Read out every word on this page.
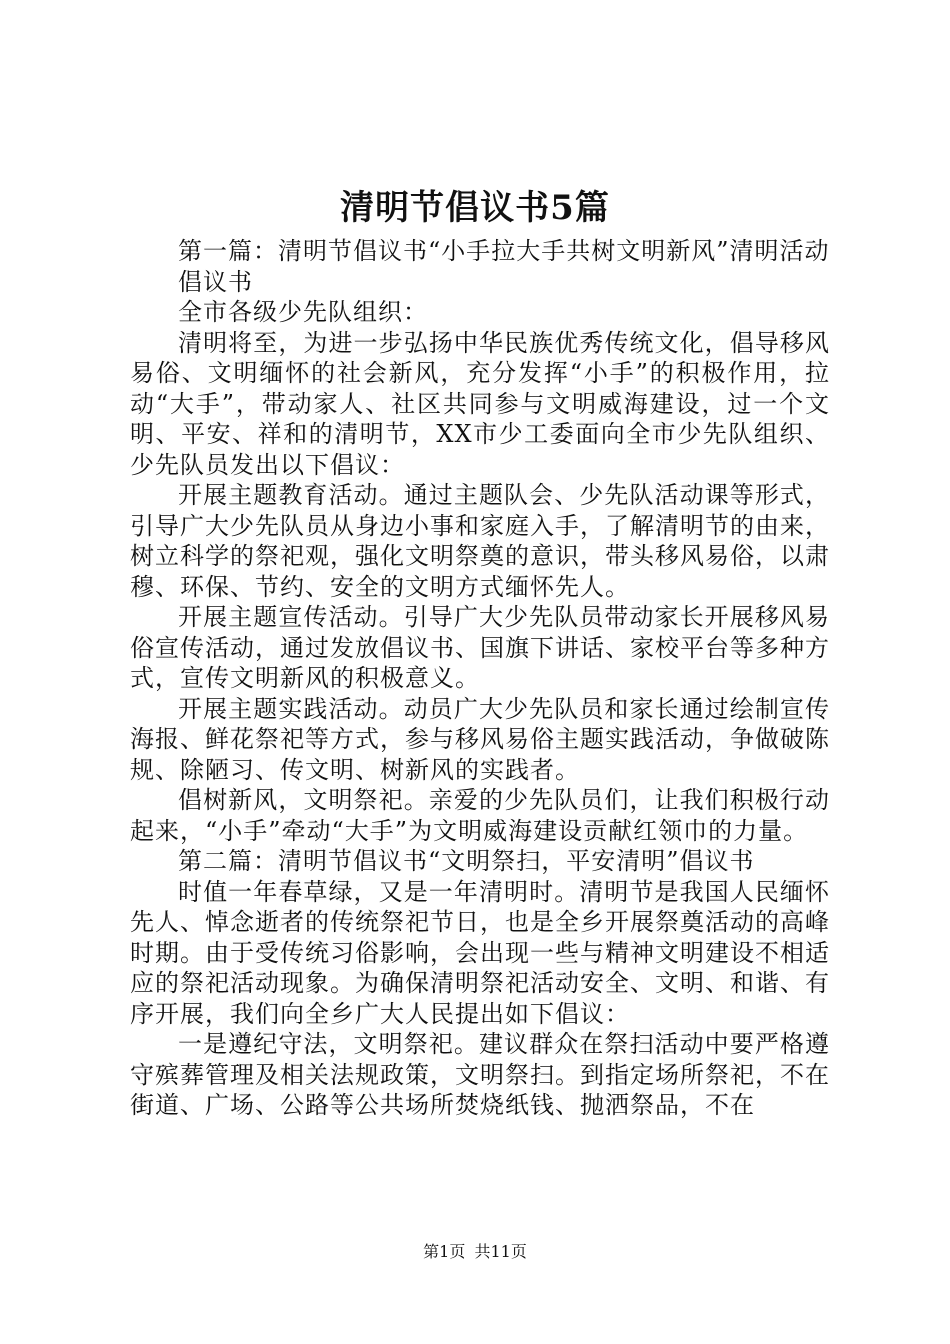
清明节倡议书5篇

第一篇：清明节倡议书“小手拉大手共树文明新风”清明活动

倡议书

全市各级少先队组织：

清明将至，为进一步弘扬中华民族优秀传统文化，倡导移风易俗、文明缅怀的社会新风，充分发挥“小手”的积极作用，拉动“大手”，带动家人、社区共同参与文明威海建设，过一个文明、平安、祥和的清明节，XX市少工委面向全市少先队组织、少先队员发出以下倡议：

开展主题教育活动。通过主题队会、少先队活动课等形式，引导广大少先队员从身边小事和家庭入手，了解清明节的由来，树立科学的祭祀观，强化文明祭奠的意识，带头移风易俗，以肃穆、环保、节约、安全的文明方式缅怀先人。

开展主题宣传活动。引导广大少先队员带动家长开展移风易俗宣传活动，通过发放倡议书、国旗下讲话、家校平台等多种方式，宣传文明新风的积极意义。

开展主题实践活动。动员广大少先队员和家长通过绘制宣传海报、鲜花祭祀等方式，参与移风易俗主题实践活动，争做破陈规、除陋习、传文明、树新风的实践者。

倡树新风，文明祭祀。亲爱的少先队员们，让我们积极行动起来，“小手”牵动“大手”为文明威海建设贡献红领巾的力量。

第二篇：清明节倡议书“文明祭扫，平安清明”倡议书

时值一年春草绿，又是一年清明时。清明节是我国人民缅怀先人、悼念逝者的传统祭祀节日，也是全乡开展祭奠活动的高峰时期。由于受传统习俗影响，会出现一些与精神文明建设不相适应的祭祀活动现象。为确保清明祭祀活动安全、文明、和谐、有序开展，我们向全乡广大人民提出如下倡议：

一是遵纪守法，文明祭祀。建议群众在祭扫活动中要严格遵守殡葬管理及相关法规政策，文明祭扫。到指定场所祭祀，不在街道、广场、公路等公共场所焚烧纸钱、抛洒祭品，不在

第1页 共11页
